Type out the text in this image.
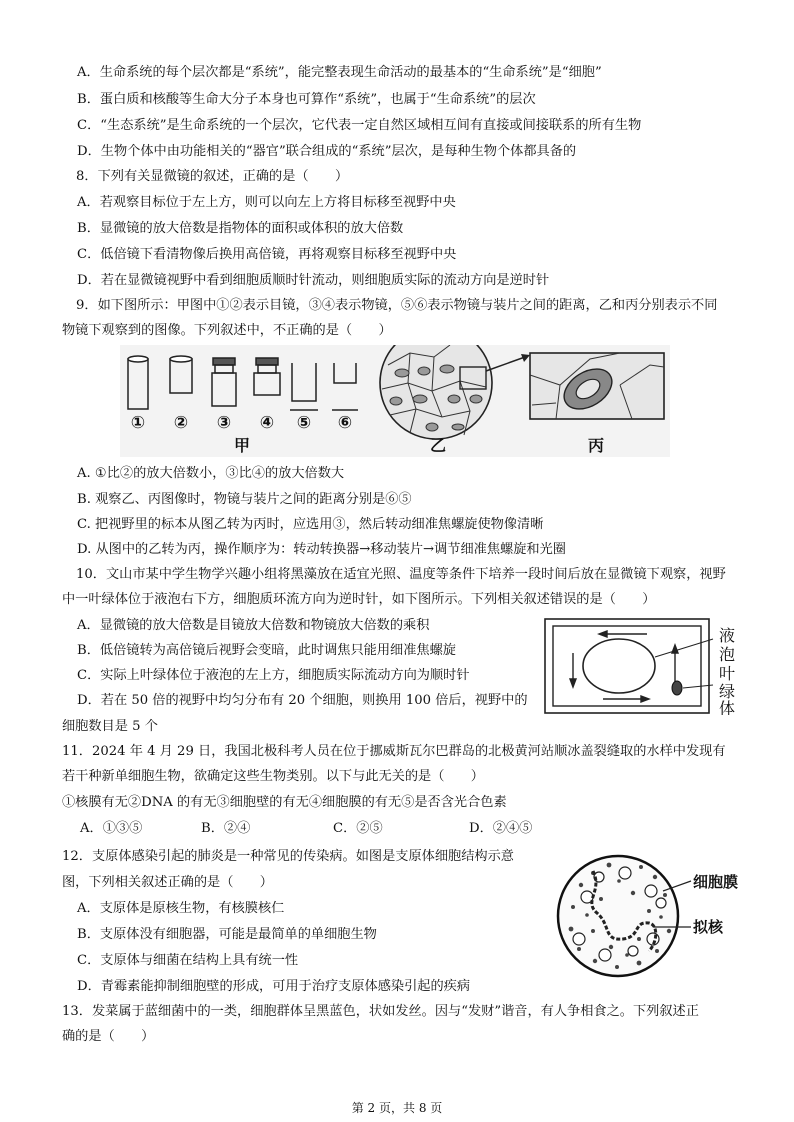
A．生命系统的每个层次都是“系统”，能完整表现生命活动的最基本的“生命系统”是“细胞”
B．蛋白质和核酸等生命大分子本身也可算作“系统”，也属于“生命系统”的层次
C．“生态系统”是生命系统的一个层次，它代表一定自然区域相互间有直接或间接联系的所有生物
D．生物个体中由功能相关的“器官”联合组成的“系统”层次，是每种生物个体都具备的
8．下列有关显微镜的叙述，正确的是（　　）
A．若观察目标位于左上方，则可以向左上方将目标移至视野中央
B．显微镜的放大倍数是指物体的面积或体积的放大倍数
C．低倍镜下看清物像后换用高倍镜，再将观察目标移至视野中央
D．若在显微镜视野中看到细胞质顺时针流动，则细胞质实际的流动方向是逆时针
9．如下图所示：甲图中①②表示目镜，③④表示物镜，⑤⑥表示物镜与装片之间的距离，乙和丙分别表示不同
物镜下观察到的图像。下列叙述中，不正确的是（　　）
① ② ③ ④ ⑤ ⑥
甲	乙	丙
A. ①比②的放大倍数小，③比④的放大倍数大
B. 观察乙、丙图像时，物镜与装片之间的距离分别是⑥⑤
C. 把视野里的标本从图乙转为丙时，应选用③，然后转动细准焦螺旋使物像清晰
D. 从图中的乙转为丙，操作顺序为：转动转换器→移动装片→调节细准焦螺旋和光圈
10．文山市某中学生物学兴趣小组将黑藻放在适宜光照、温度等条件下培养一段时间后放在显微镜下观察，视野
中一叶绿体位于液泡右下方，细胞质环流方向为逆时针，如下图所示。下列相关叙述错误的是（　　）
A．显微镜的放大倍数是目镜放大倍数和物镜放大倍数的乘积
B．低倍镜转为高倍镜后视野会变暗，此时调焦只能用细准焦螺旋
C．实际上叶绿体位于液泡的左上方，细胞质实际流动方向为顺时针
D．若在 50 倍的视野中均匀分布有 20 个细胞，则换用 100 倍后，视野中的
细胞数目是 5 个
液
泡
叶
绿
体
11．2024 年 4 月 29 日，我国北极科考人员在位于挪威斯瓦尔巴群岛的北极黄河站顺冰盖裂缝取的水样中发现有
若干种新单细胞生物，欲确定这些生物类别。以下与此无关的是（　　）
①核膜有无②DNA 的有无③细胞壁的有无④细胞膜的有无⑤是否含光合色素
A．①③⑤	B．②④	C．②⑤	D．②④⑤
12．支原体感染引起的肺炎是一种常见的传染病。如图是支原体细胞结构示意
图，下列相关叙述正确的是（　　）
A．支原体是原核生物，有核膜核仁
B．支原体没有细胞器，可能是最简单的单细胞生物
C．支原体与细菌在结构上具有统一性
D．青霉素能抑制细胞壁的形成，可用于治疗支原体感染引起的疾病
细胞膜
拟核
13．发菜属于蓝细菌中的一类，细胞群体呈黑蓝色，状如发丝。因与“发财”谐音，有人争相食之。下列叙述正
确的是（　　）
第 2 页，共 8 页
